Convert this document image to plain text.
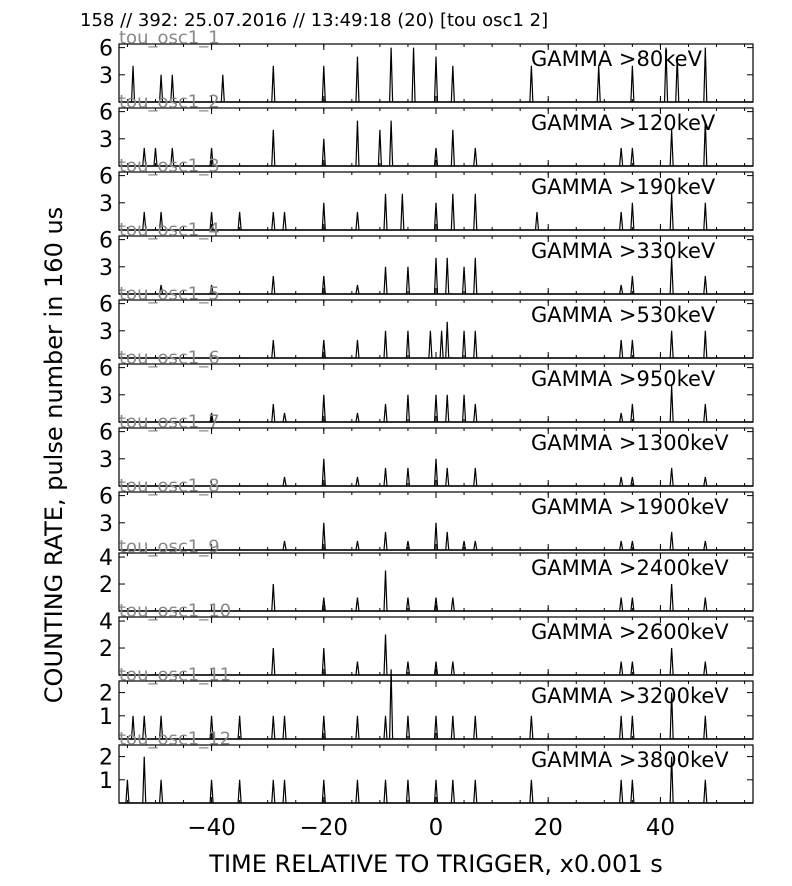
158 // 392: 25.07.2016 // 13:49:18 (20) [tou osc1 2]
3
6	GAMMA >80keV
tou_osc1_1
3
6	GAMMA >120keV
tou_osc1_2
3
6	GAMMA >190keV
tou_osc1_3
3
6	GAMMA >330keV
tou_osc1_4
3
6	GAMMA >530keV
tou_osc1_5
3
6	GAMMA >950keV
tou_osc1_6
3
6	GAMMA >1300keV
tou_osc1_7
3
6	GAMMA >1900keV
tou_osc1_8
2
4	GAMMA >2400keV
tou_osc1_9
2
4	GAMMA >2600keV
tou_osc1_10
1
2	GAMMA >3200keV
tou_osc1_11
1
2	GAMMA >3800keV
tou_osc1_12
−40	−20	0	20	40
TIME RELATIVE TO TRIGGER, x0.001 s
COUNTING RATE, pulse number in 160 us
